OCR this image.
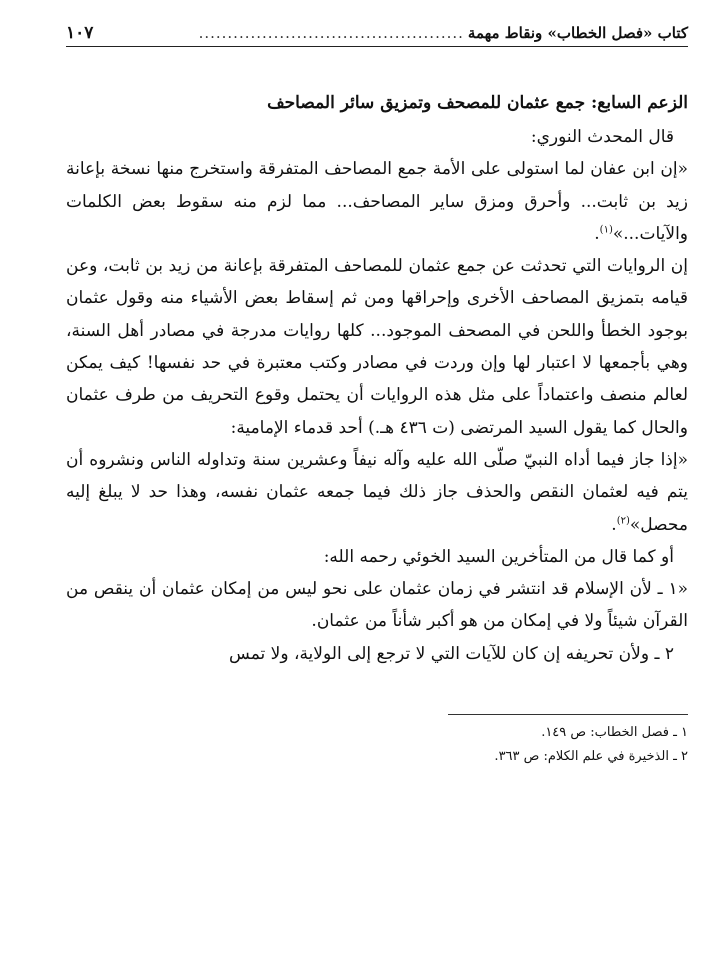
كتاب «فصل الخطاب» ونقاط مهمة
..............................................
١٠٧
الزعم السابع: جمع عثمان للمصحف وتمزيق سائر المصاحف

قال المحدث النوري:

«إن ابن عفان لما استولى على الأمة جمع المصاحف المتفرقة واستخرج منها نسخة بإعانة زيد بن ثابت... وأحرق ومزق ساير المصاحف... مما لزم منه سقوط بعض الكلمات والآيات...»$^{(١)}$.

إن الروايات التي تحدثت عن جمع عثمان للمصاحف المتفرقة بإعانة من زيد بن ثابت، وعن قيامه بتمزيق المصاحف الأخرى وإحراقها ومن ثم إسقاط بعض الأشياء منه وقول عثمان بوجود الخطأ واللحن في المصحف الموجود... كلها روايات مدرجة في مصادر أهل السنة، وهي بأجمعها لا اعتبار لها وإن وردت في مصادر وكتب معتبرة في حد نفسها! كيف يمكن لعالم منصف واعتماداً على مثل هذه الروايات أن يحتمل وقوع التحريف من طرف عثمان والحال كما يقول السيد المرتضى (ت ٤٣٦ هـ.) أحد قدماء الإمامية:

«إذا جاز فيما أداه النبيّ صلّى الله عليه وآله نيفاً وعشرين سنة وتداوله الناس ونشروه أن يتم فيه لعثمان النقص والحذف جاز ذلك فيما جمعه عثمان نفسه، وهذا حد لا يبلغ إليه محصل»$^{(٢)}$.

أو كما قال من المتأخرين السيد الخوئي رحمه الله:

«١ ـ لأن الإسلام قد انتشر في زمان عثمان على نحو ليس من إمكان عثمان أن ينقص من القرآن شيئاً ولا في إمكان من هو أكبر شأناً من عثمان.

٢ ـ ولأن تحريفه إن كان للآيات التي لا ترجع إلى الولاية، ولا تمس

١ ـ فصل الخطاب: ص ١٤٩.

٢ ـ الذخيرة في علم الكلام: ص ٣٦٣.
